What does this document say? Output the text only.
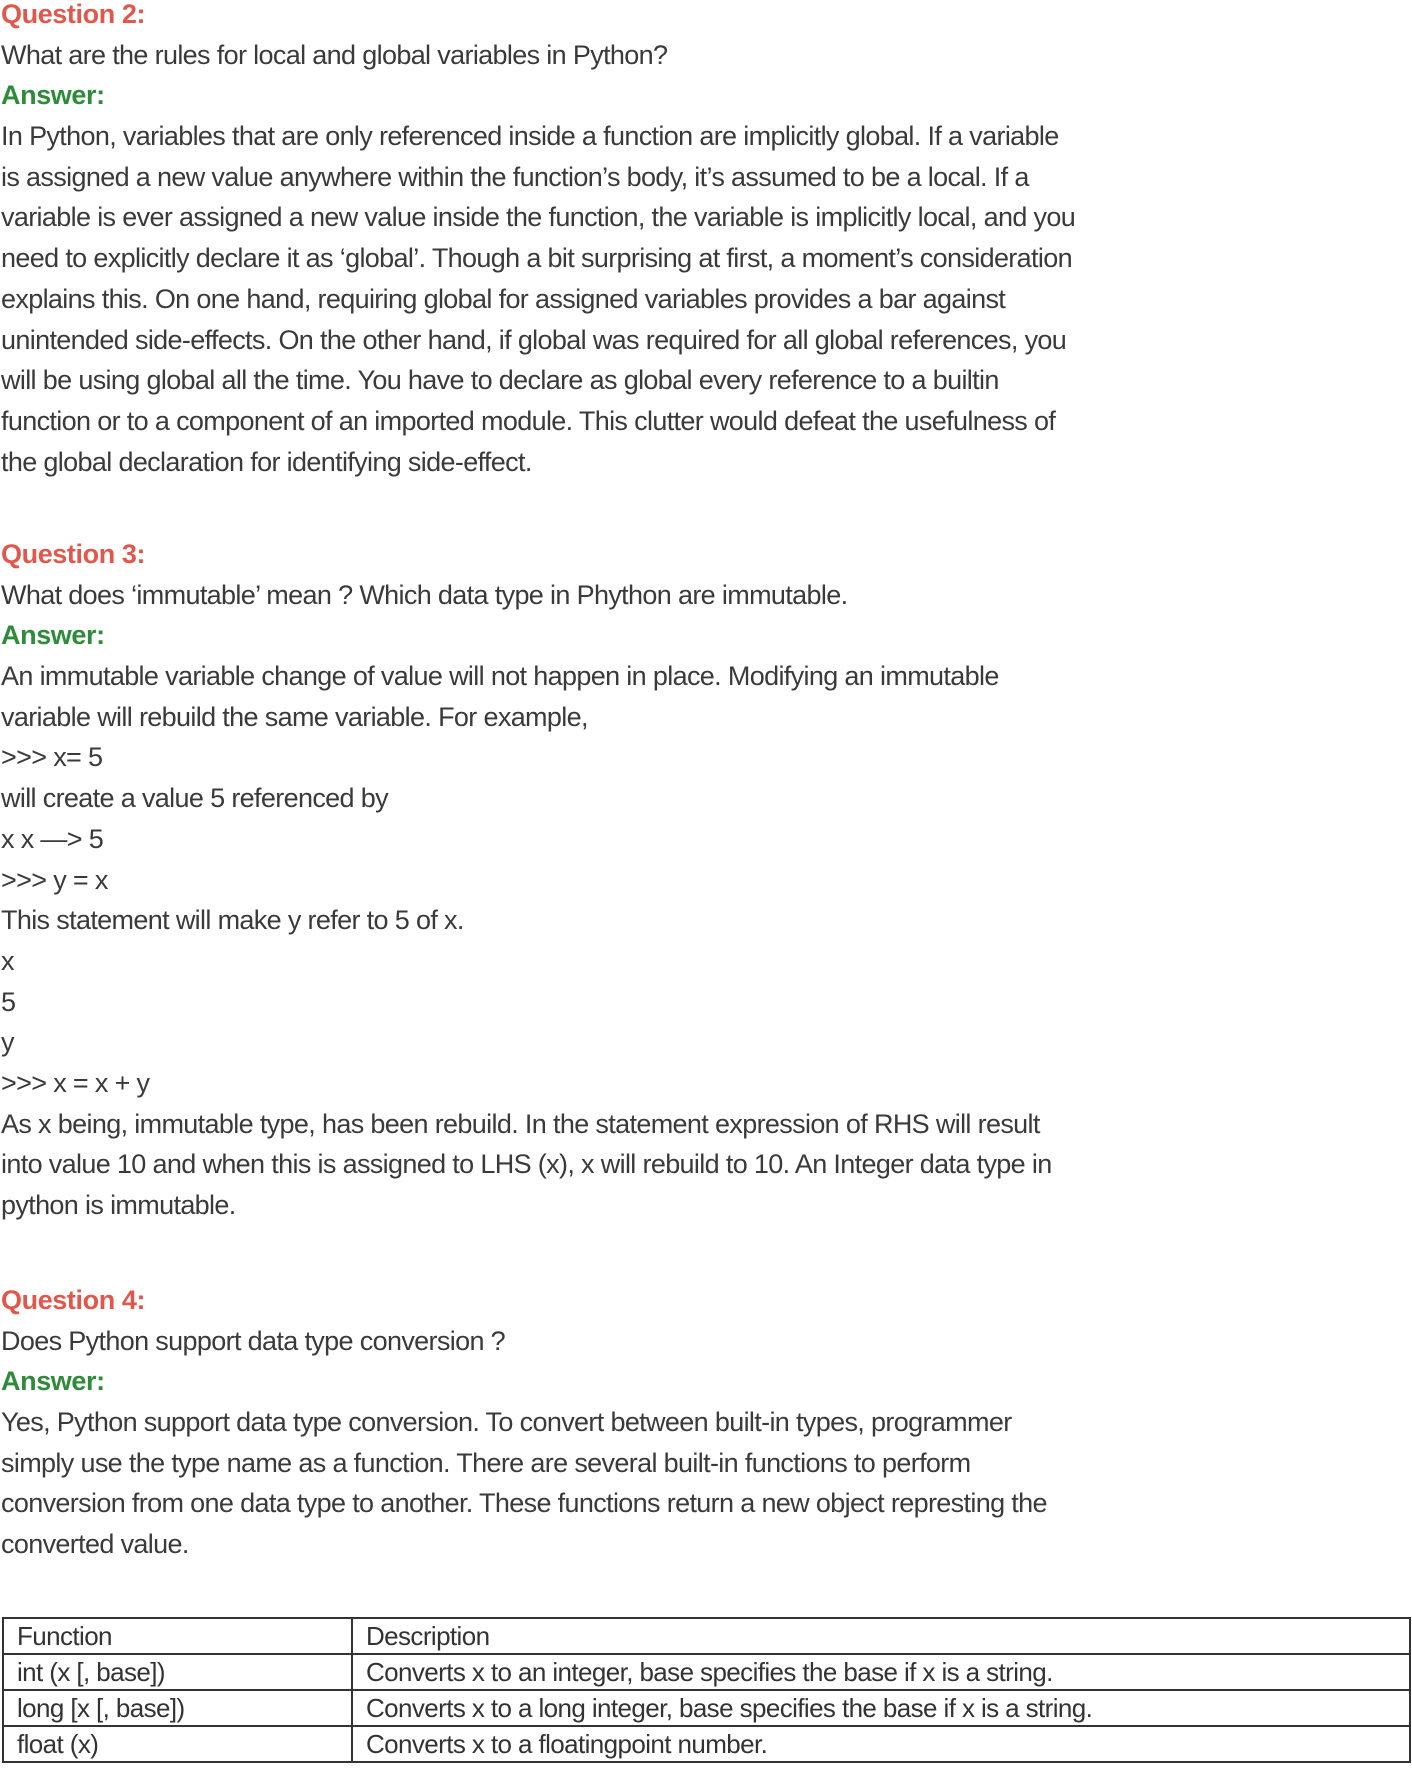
Question 2:
What are the rules for local and global variables in Python?
Answer:
In Python, variables that are only referenced inside a function are implicitly global. If a variable
is assigned a new value anywhere within the function’s body, it’s assumed to be a local. If a
variable is ever assigned a new value inside the function, the variable is implicitly local, and you
need to explicitly declare it as ‘global’. Though a bit surprising at first, a moment’s consideration
explains this. On one hand, requiring global for assigned variables provides a bar against
unintended side-effects. On the other hand, if global was required for all global references, you
will be using global all the time. You have to declare as global every reference to a builtin
function or to a component of an imported module. This clutter would defeat the usefulness of
the global declaration for identifying side-effect.
Question 3:
What does ‘immutable’ mean ? Which data type in Phython are immutable.
Answer:
An immutable variable change of value will not happen in place. Modifying an immutable
variable will rebuild the same variable. For example,
>>> x= 5
will create a value 5 referenced by
x x —> 5
>>> y = x
This statement will make y refer to 5 of x.
x
5
y
>>> x = x + y
As x being, immutable type, has been rebuild. In the statement expression of RHS will result
into value 10 and when this is assigned to LHS (x), x will rebuild to 10. An Integer data type in
python is immutable.
Question 4:
Does Python support data type conversion ?
Answer:
Yes, Python support data type conversion. To convert between built-in types, programmer
simply use the type name as a function. There are several built-in functions to perform
conversion from one data type to another. These functions return a new object represting the
converted value.
Function	Description
int (x [, base])	Converts x to an integer, base specifies the base if x is a string.
long [x [, base])	Converts x to a long integer, base specifies the base if x is a string.
float (x)	Converts x to a floatingpoint number.
